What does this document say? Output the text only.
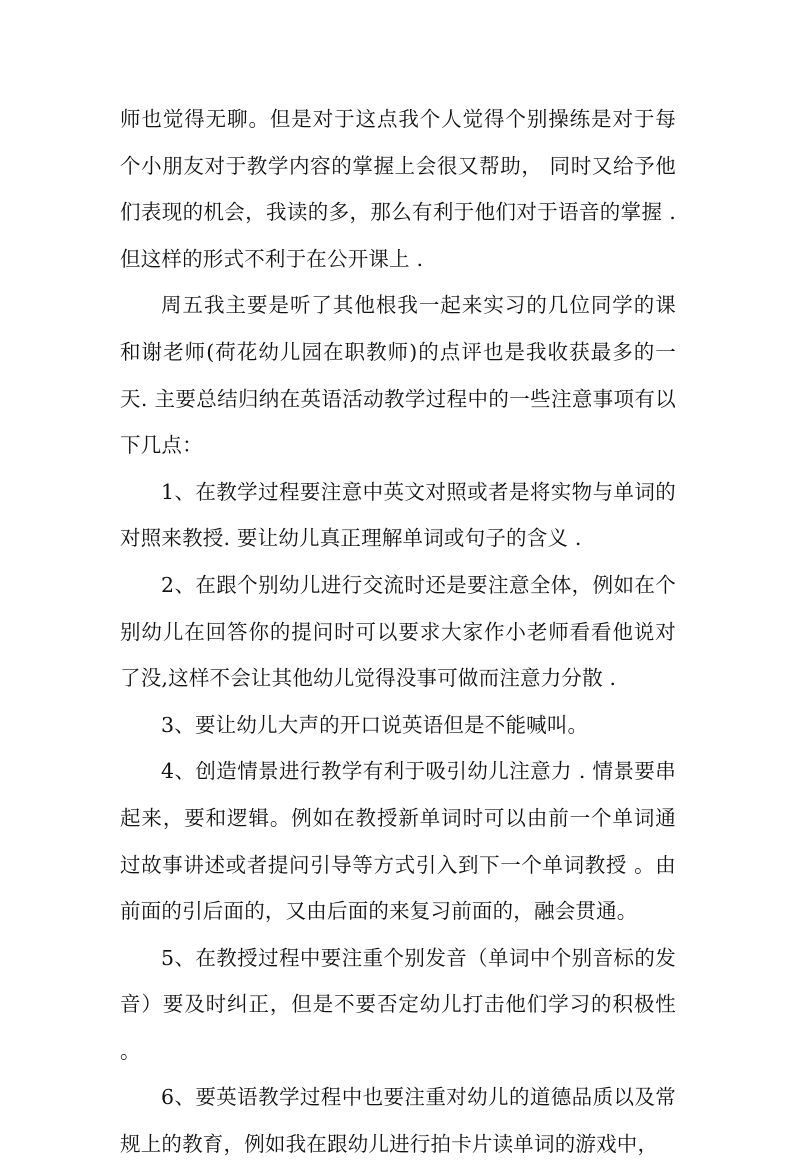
师也觉得无聊。但是对于这点我个人觉得个别操练是对于每个小朋友对于教学内容的掌握上会很又帮助， 同时又给予他们表现的机会，我读的多，那么有利于他们对于语音的掌握 . 但这样的形式不利于在公开课上 .

周五我主要是听了其他根我一起来实习的几位同学的课和谢老师(荷花幼儿园在职教师)的点评也是我收获最多的一天. 主要总结归纳在英语活动教学过程中的一些注意事项有以下几点：

1、在教学过程要注意中英文对照或者是将实物与单词的对照来教授. 要让幼儿真正理解单词或句子的含义 .

2、在跟个别幼儿进行交流时还是要注意全体，例如在个别幼儿在回答你的提问时可以要求大家作小老师看看他说对了没,这样不会让其他幼儿觉得没事可做而注意力分散 .

3、要让幼儿大声的开口说英语但是不能喊叫。

4、创造情景进行教学有利于吸引幼儿注意力 . 情景要串起来，要和逻辑。例如在教授新单词时可以由前一个单词通过故事讲述或者提问引导等方式引入到下一个单词教授 。由前面的引后面的，又由后面的来复习前面的，融会贯通。

5、在教授过程中要注重个别发音（单词中个别音标的发音）要及时纠正，但是不要否定幼儿打击他们学习的积极性 。

6、要英语教学过程中也要注重对幼儿的道德品质以及常规上的教育，例如我在跟幼儿进行拍卡片读单词的游戏中，
